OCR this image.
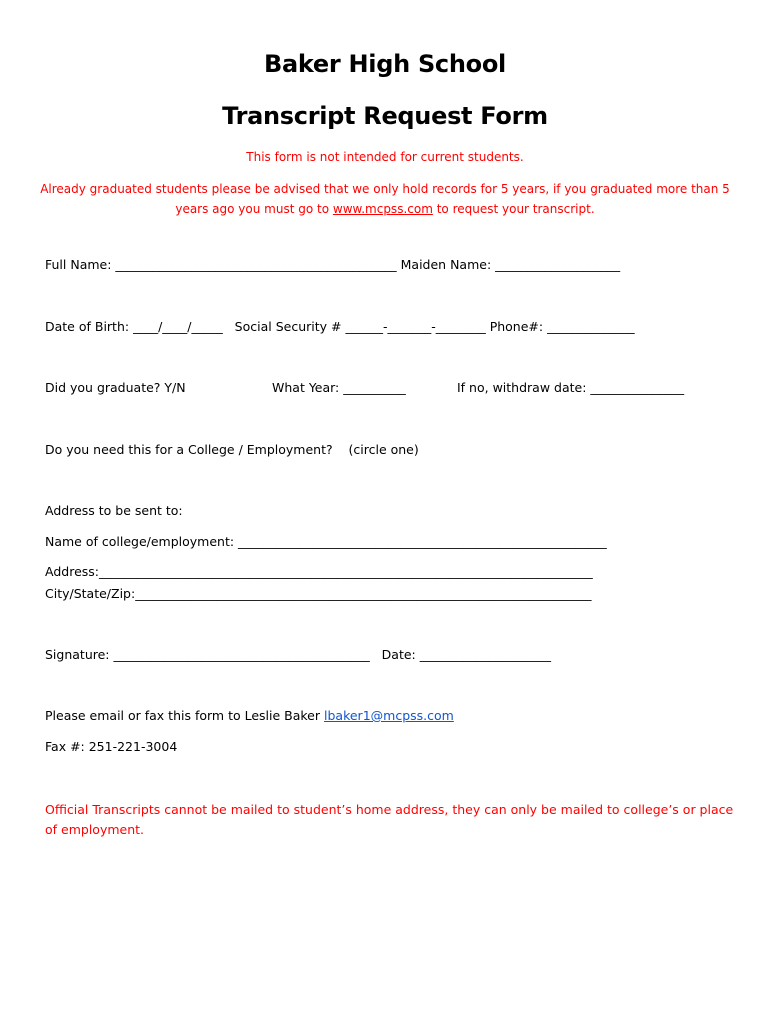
Baker High School
Transcript Request Form
This form is not intended for current students.
Already graduated students please be advised that we only hold records for 5 years, if you graduated more than 5 years ago you must go to www.mcpss.com to request your transcript.
Full Name: _____________________________________________ Maiden Name: ____________________
Date of Birth: ____/____/_____   Social Security # ______-_______-________ Phone#: ______________
Did you graduate? Y/N	What Year: __________	If no, withdraw date: _______________
Do you need this for a College / Employment?    (circle one)
Address to be sent to:
Name of college/employment: ___________________________________________________________
Address:_______________________________________________________________________________
City/State/Zip:_________________________________________________________________________
Signature: _________________________________________   Date: _____________________
Please email or fax this form to Leslie Baker lbaker1@mcpss.com
Fax #: 251-221-3004
Official Transcripts cannot be mailed to student’s home address, they can only be mailed to college’s or place of employment.
